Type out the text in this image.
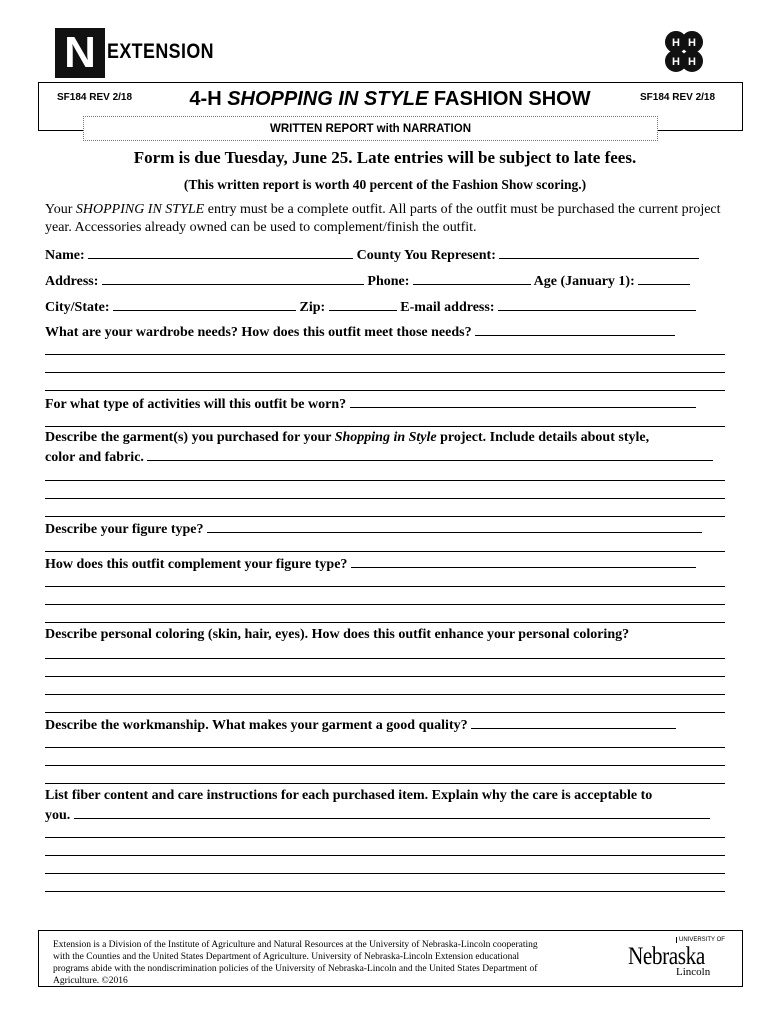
N EXTENSION	H H
H H
SF184 REV 2/18	SF184 REV 2/18
4-H SHOPPING IN STYLE FASHION SHOW
WRITTEN REPORT with NARRATION
Form is due Tuesday, June 25. Late entries will be subject to late fees.
(This written report is worth 40 percent of the Fashion Show scoring.)
Your SHOPPING IN STYLE entry must be a complete outfit. All parts of the outfit must be purchased the current project year. Accessories already owned can be used to complement/finish the outfit.
Name:	County You Represent:
Address:	Phone:	Age (January 1):
City/State:	Zip:	E-mail address:
What are your wardrobe needs? How does this outfit meet those needs?
For what type of activities will this outfit be worn?
Describe the garment(s) you purchased for your Shopping in Style project. Include details about style,
color and fabric.
Describe your figure type?
How does this outfit complement your figure type?
Describe personal coloring (skin, hair, eyes). How does this outfit enhance your personal coloring?
Describe the workmanship. What makes your garment a good quality?
List fiber content and care instructions for each purchased item. Explain why the care is acceptable to
you.
Extension is a Division of the Institute of Agriculture and Natural Resources at the University of Nebraska-Lincoln cooperating with the Counties and the United States Department of Agriculture. University of Nebraska-Lincoln Extension educational programs abide with the nondiscrimination policies of the University of Nebraska-Lincoln and the United States Department of Agriculture. ©2016
UNIVERSITY OF
Nebraska
Lincoln
